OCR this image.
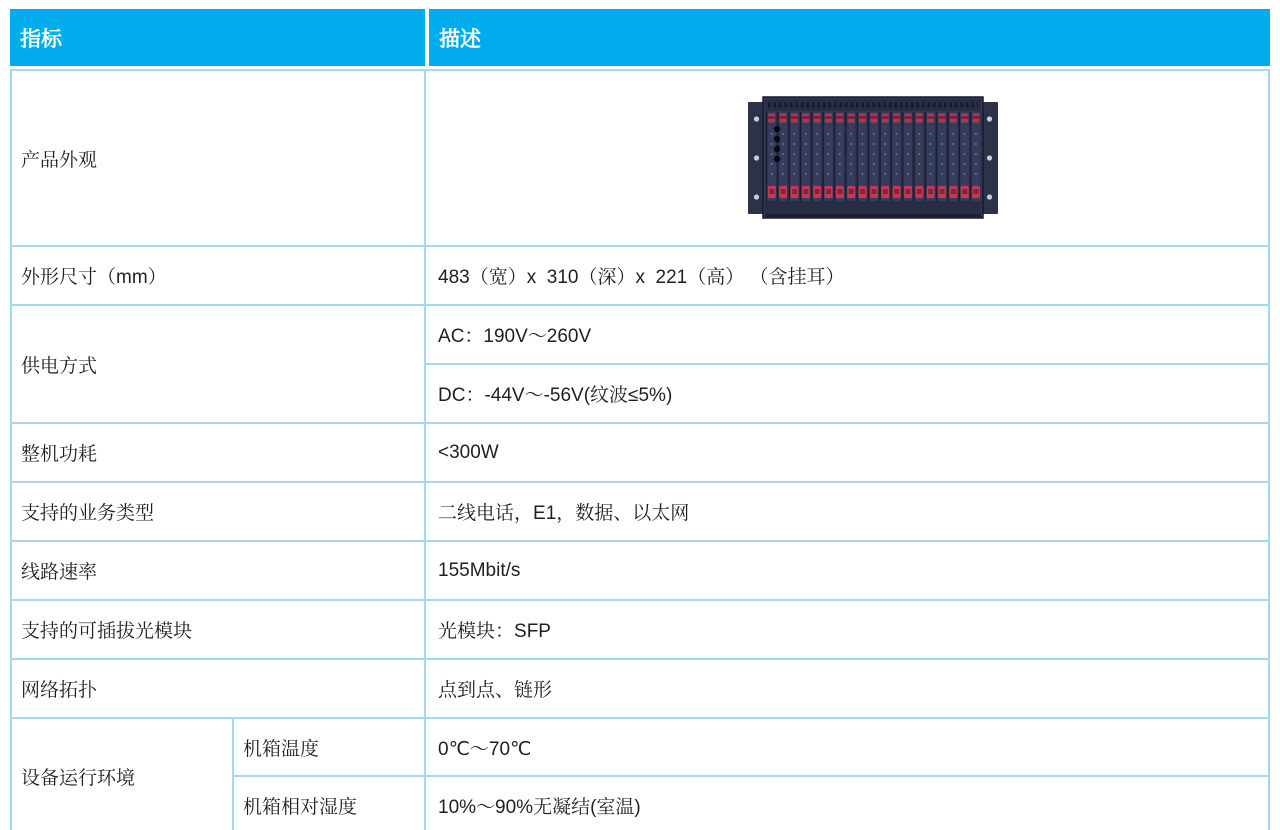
指标	描述
产品外观	

外形尺寸（mm）		483（宽）x  310（深）x  221（高） （含挂耳）
供电方式		AC：190V～260V
		DC：-44V～-56V(纹波≤5%)
整机功耗		<300W
支持的业务类型		二线电话，E1，数据、以太网
线路速率		155Mbit/s
支持的可插拔光模块		光模块：SFP
网络拓扑		点到点、链形
设备运行环境	机箱温度	0℃～70℃
	机箱相对湿度	10%～90%无凝结(室温)
